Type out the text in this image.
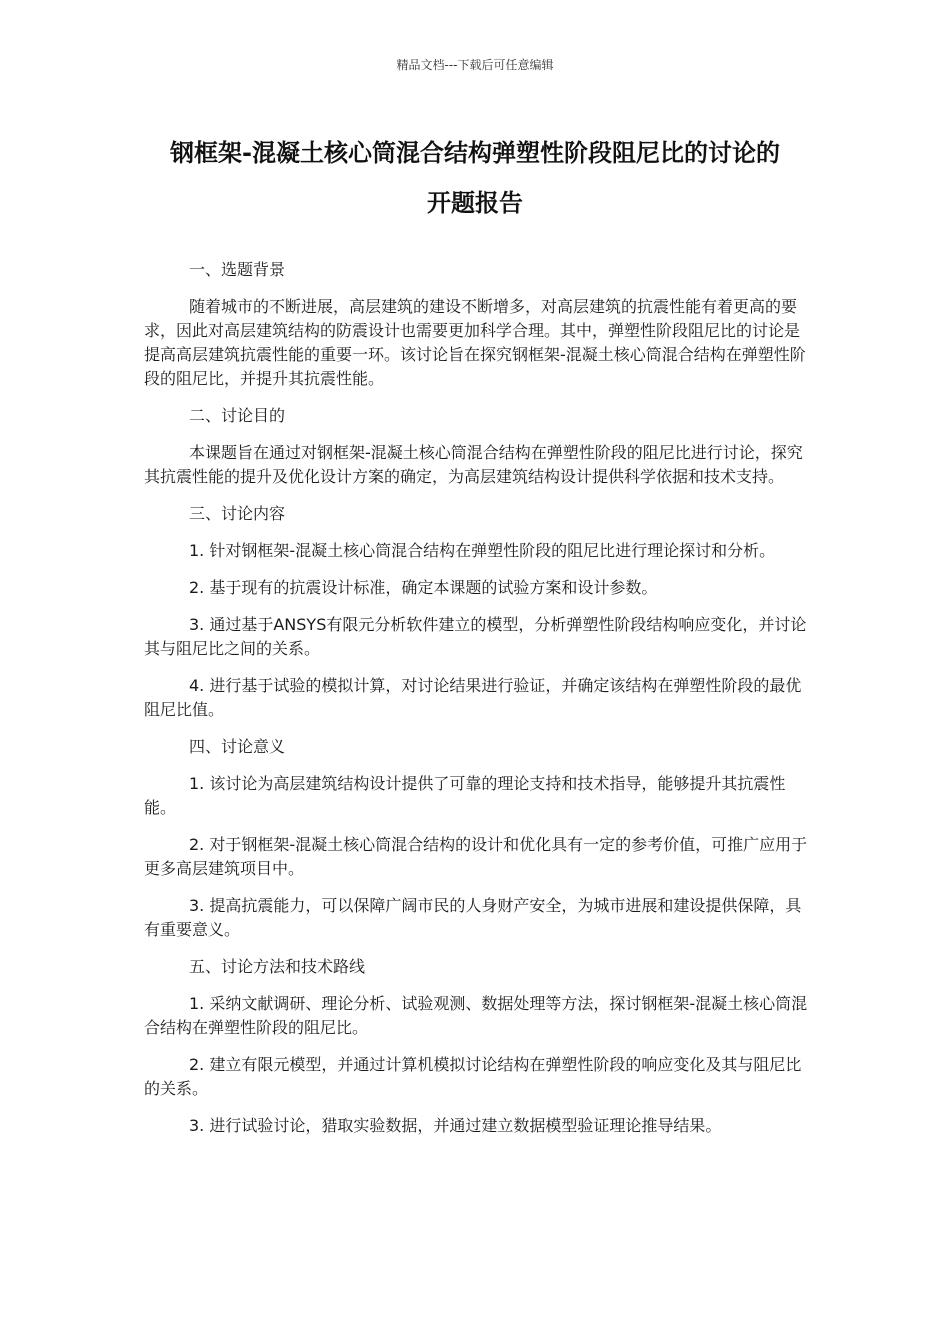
精品文档---下载后可任意编辑
钢框架-混凝土核心筒混合结构弹塑性阶段阻尼比的讨论的
开题报告

一、选题背景

随着城市的不断进展，高层建筑的建设不断增多，对高层建筑的抗震性能有着更高的要求，因此对高层建筑结构的防震设计也需要更加科学合理。其中，弹塑性阶段阻尼比的讨论是提高高层建筑抗震性能的重要一环。该讨论旨在探究钢框架-混凝土核心筒混合结构在弹塑性阶段的阻尼比，并提升其抗震性能。

二、讨论目的

本课题旨在通过对钢框架-混凝土核心筒混合结构在弹塑性阶段的阻尼比进行讨论，探究其抗震性能的提升及优化设计方案的确定，为高层建筑结构设计提供科学依据和技术支持。

三、讨论内容

1. 针对钢框架-混凝土核心筒混合结构在弹塑性阶段的阻尼比进行理论探讨和分析。

2. 基于现有的抗震设计标准，确定本课题的试验方案和设计参数。

3. 通过基于ANSYS有限元分析软件建立的模型，分析弹塑性阶段结构响应变化，并讨论其与阻尼比之间的关系。

4. 进行基于试验的模拟计算，对讨论结果进行验证，并确定该结构在弹塑性阶段的最优阻尼比值。

四、讨论意义

1. 该讨论为高层建筑结构设计提供了可靠的理论支持和技术指导，能够提升其抗震性能。

2. 对于钢框架-混凝土核心筒混合结构的设计和优化具有一定的参考价值，可推广应用于更多高层建筑项目中。

3. 提高抗震能力，可以保障广阔市民的人身财产安全，为城市进展和建设提供保障，具有重要意义。

五、讨论方法和技术路线

1. 采纳文献调研、理论分析、试验观测、数据处理等方法，探讨钢框架-混凝土核心筒混合结构在弹塑性阶段的阻尼比。

2. 建立有限元模型，并通过计算机模拟讨论结构在弹塑性阶段的响应变化及其与阻尼比的关系。

3. 进行试验讨论，猎取实验数据，并通过建立数据模型验证理论推导结果。
